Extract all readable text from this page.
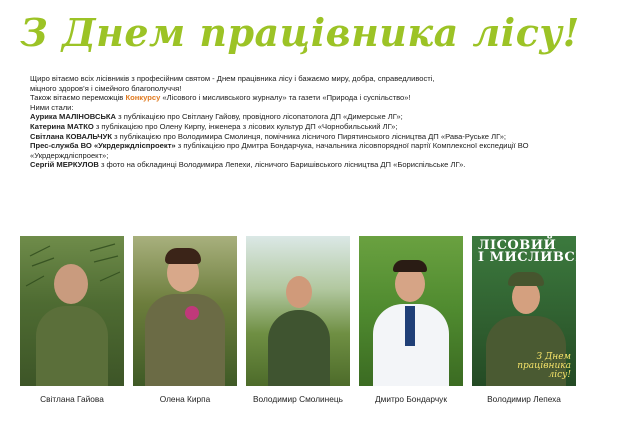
З Днем працівника лісу!

Щиро вітаємо всіх лісівників з професійним святом - Днем працівника лісу і бажаємо миру, добра, справедливості,
міцного здоров’я і сімейного благополуччя!

Також вітаємо переможців Конкурсу «Лісового і мисливського журналу» та газети «Природа і суспільство»!

Ними стали:

Аурика МАЛІНОВСЬКА з публікацією про Світлану Гайову, провідного лісопатолога ДП «Димерське ЛГ»;

Катерина МАТКО з публікацією про Олену Кирпу, інженера з лісових культур ДП «Чорнобильський ЛГ»;

Світлана КОВАЛЬЧУК з публікацією про Володимира Смолинця, помічника лісничого Пирятинського лісництва ДП «Рава-Руське ЛГ»;

Прес-служба ВО «Укрдерждліспроект» з публікацією про Дмитра Бондарчука, начальника лісовпорядної партії Комплексної експедиції ВО «Укрдерждліспроект»;

Сергій МЕРКУЛОВ з фото на обкладинці Володимира Лепехи, лісничого Баришівського лісництва ДП «Бориспільське ЛГ».

Світлана Гайова	Олена Кирпа	Володимир Смолинець	Дмитро Бондарчук
ЛІСОВИЙ
І МИСЛИВСЬКИЙ
З Днем працівника лісу!
Володимир Лепеха
